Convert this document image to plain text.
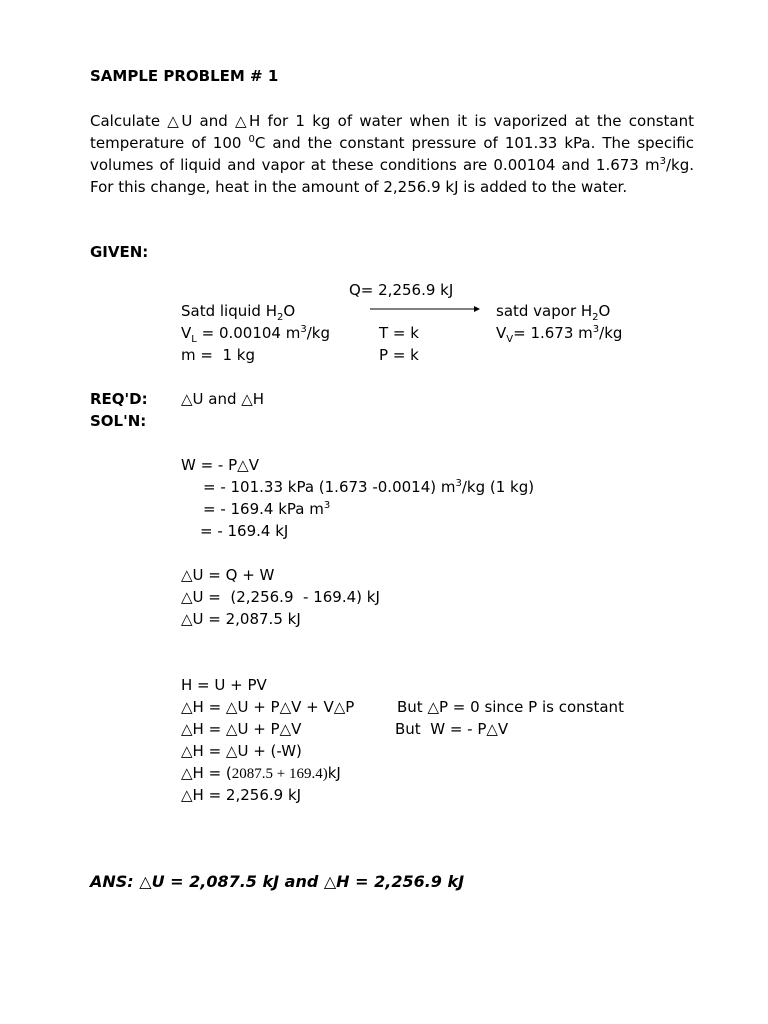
SAMPLE PROBLEM # 1

Calculate △U and △H for 1 kg of water when it is vaporized at the constant temperature of 100 $^0$C and the constant pressure of 101.33 kPa. The specific volumes of liquid and vapor at these conditions are 0.00104 and 1.673 $m^3/kg$. For this change, heat in the amount of 2,256.9 kJ is added to the water.

GIVEN:
Q= 2,256.9 kJ
Satd liquid $H_2O$
$V_L = 0.00104$ $m^3/kg$
m =  1 kg
T = k
P = k
satd vapor $H_2O$
$V_V= 1.673$ $m^3/kg$
REQ'D: △U and △H
SOL'N:
W = - P△V
= - 101.33 kPa (1.673 -0.0014) $m^3/kg$ (1 kg)
= - 169.4 kPa $m^3$
= - 169.4 kJ
△U = Q + W
△U =  (2,256.9  - 169.4) kJ
△U = 2,087.5 kJ
H = U + PV
△H = △U + P△V + V△P	But △P = 0 since P is constant
△H = △U + P△V	But  W = - P△V
△H = △U + (-W)
△H = (2087.5 + 169.4)kJ
△H = 2,256.9 kJ
ANS: △U = 2,087.5 kJ and △H = 2,256.9 kJ
